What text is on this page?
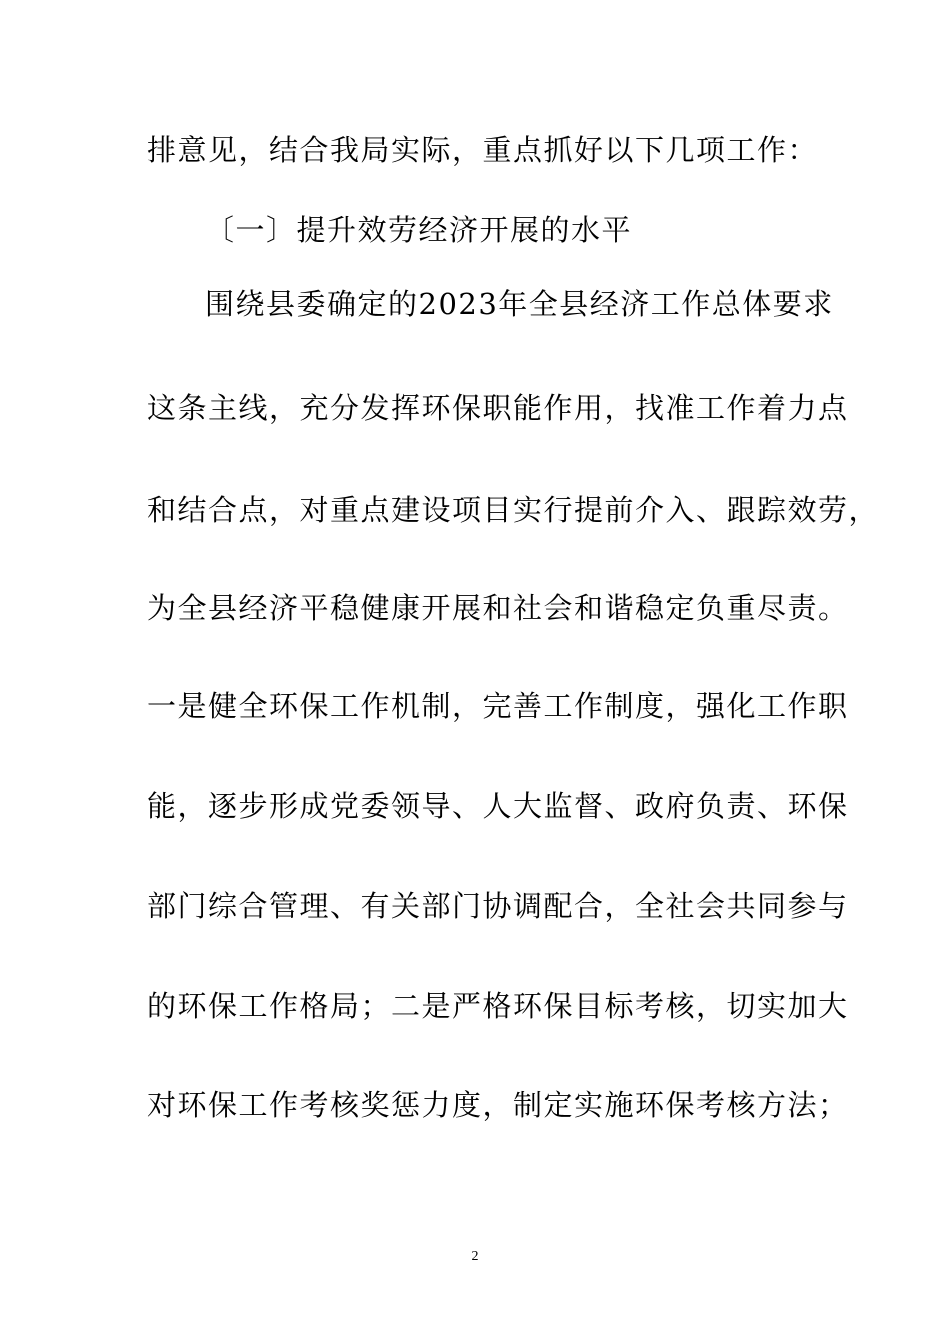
排意见，结合我局实际，重点抓好以下几项工作：
〔一〕提升效劳经济开展的水平
围绕县委确定的2023年全县经济工作总体要求
这条主线，充分发挥环保职能作用，找准工作着力点
和结合点，对重点建设项目实行提前介入、跟踪效劳，
为全县经济平稳健康开展和社会和谐稳定负重尽责。
一是健全环保工作机制，完善工作制度，强化工作职
能，逐步形成党委领导、人大监督、政府负责、环保
部门综合管理、有关部门协调配合，全社会共同参与
的环保工作格局；二是严格环保目标考核，切实加大
对环保工作考核奖惩力度，制定实施环保考核方法；
2
